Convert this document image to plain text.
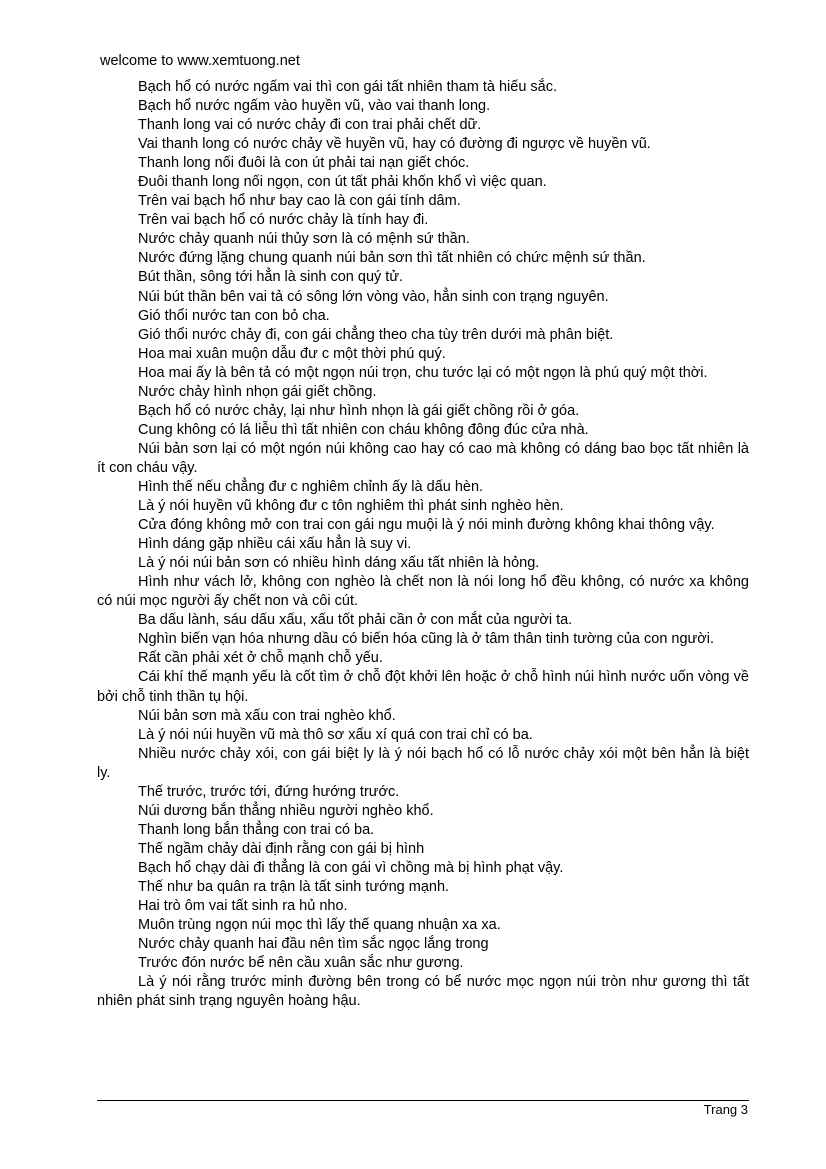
welcome to www.xemtuong.net

Bạch hổ có nước ngấm vai thì con gái tất nhiên tham tà hiếu sắc.

Bạch hổ nước ngấm vào huyền vũ, vào vai thanh long.

Thanh long vai có nước chảy đi con trai phải chết dữ.

Vai thanh long có nước chảy về huyền vũ, hay có đường đi ngược về huyền vũ.

Thanh long nối đuôi là con út phải tai nạn giết chóc.

Đuôi thanh long nối ngọn, con út tất phải khốn khổ vì việc quan.

Trên vai bạch hổ như bay cao là con gái tính dâm.

Trên vai bạch hổ có nước chảy là tính hay đi.

Nước chảy quanh núi thủy sơn là có mệnh sứ thần.

Nước đứng lặng chung quanh núi bản sơn thì tất nhiên có chức mệnh sứ thần.

Bút thần, sông tới hẳn là sinh con quý tử.

Núi bút thần bên vai tả có sông lớn vòng vào, hẳn sinh con trạng nguyên.

Gió thổi nước tan con bỏ cha.

Gió thổi nước chảy đi, con gái chẳng theo cha tùy trên dưới mà phân biệt.

Hoa mai xuân muộn dẫu đư c một thời phú quý.

Hoa mai ấy là bên tả có một ngọn núi trọn, chu tước lại có một ngọn là phú quý một thời.

Nước chảy hình nhọn gái giết chồng.

Bạch hổ có nước chảy, lại như hình nhọn là gái giết chồng rồi ở góa.

Cung không có lá liễu thì tất nhiên con cháu không đông đúc cửa nhà.

Núi bản sơn lại có một ngón núi không cao hay có cao mà không có dáng bao bọc tất nhiên là ít con cháu vậy.

Hình thế nếu chẳng đư c nghiêm chỉnh ấy là dấu hèn.

Là ý nói huyền vũ không đư c tôn nghiêm thì phát sinh nghèo hèn.

Cửa đóng không mở con trai con gái ngu muội là ý nói minh đường không khai thông vậy.

Hình dáng gặp nhiều cái xấu hẳn là suy vi.

Là ý nói núi bản sơn có nhiều hình dáng xấu tất nhiên là hỏng.

Hình như vách lở, không con nghèo là chết non là nói long hổ đều không, có nước xa không có núi mọc người ấy chết non và côi cút.

Ba dấu lành, sáu dấu xấu, xấu tốt phải cần ở con mắt của người ta.

Nghìn biến vạn hóa nhưng dầu có biến hóa cũng là ở tâm thân tinh tường của con người.

Rất cần phải xét ở chỗ mạnh chỗ yếu.

Cái khí thế mạnh yếu là cốt tìm ở chỗ đột khởi lên hoặc ở chỗ hình núi hình nước uốn vòng về bởi chỗ tinh thần tụ hội.

Núi bản sơn mà xấu con trai nghèo khổ.

Là ý nói núi huyền vũ mà thô sơ xấu xí quá con trai chỉ có ba.

Nhiều nước chảy xói, con gái biệt ly là ý nói bạch hổ có lỗ nước chảy xói một bên hẳn là biệt ly.

Thế trước, trước tới, đứng hướng trước.

Núi dương bắn thẳng nhiều người nghèo khổ.

Thanh long bắn thẳng con trai có ba.

Thế ngầm chảy dài định rằng con gái bị hình

Bạch hổ chạy dài đi thẳng là con gái vì chồng mà bị hình phạt vậy.

Thế như ba quân ra trận là tất sinh tướng mạnh.

Hai trò ôm vai tất sinh ra hủ nho.

Muôn trùng ngọn núi mọc thì lấy thế quang nhuận xa xa.

Nước chảy quanh hai đầu nên tìm sắc ngọc lắng trong

Trước đón nước bể nên cầu xuân sắc như gương.

Là ý nói rằng trước minh đường bên trong có bể nước mọc ngọn núi tròn như gương thì tất nhiên phát sinh trạng nguyên hoàng hậu.

Trang 3
